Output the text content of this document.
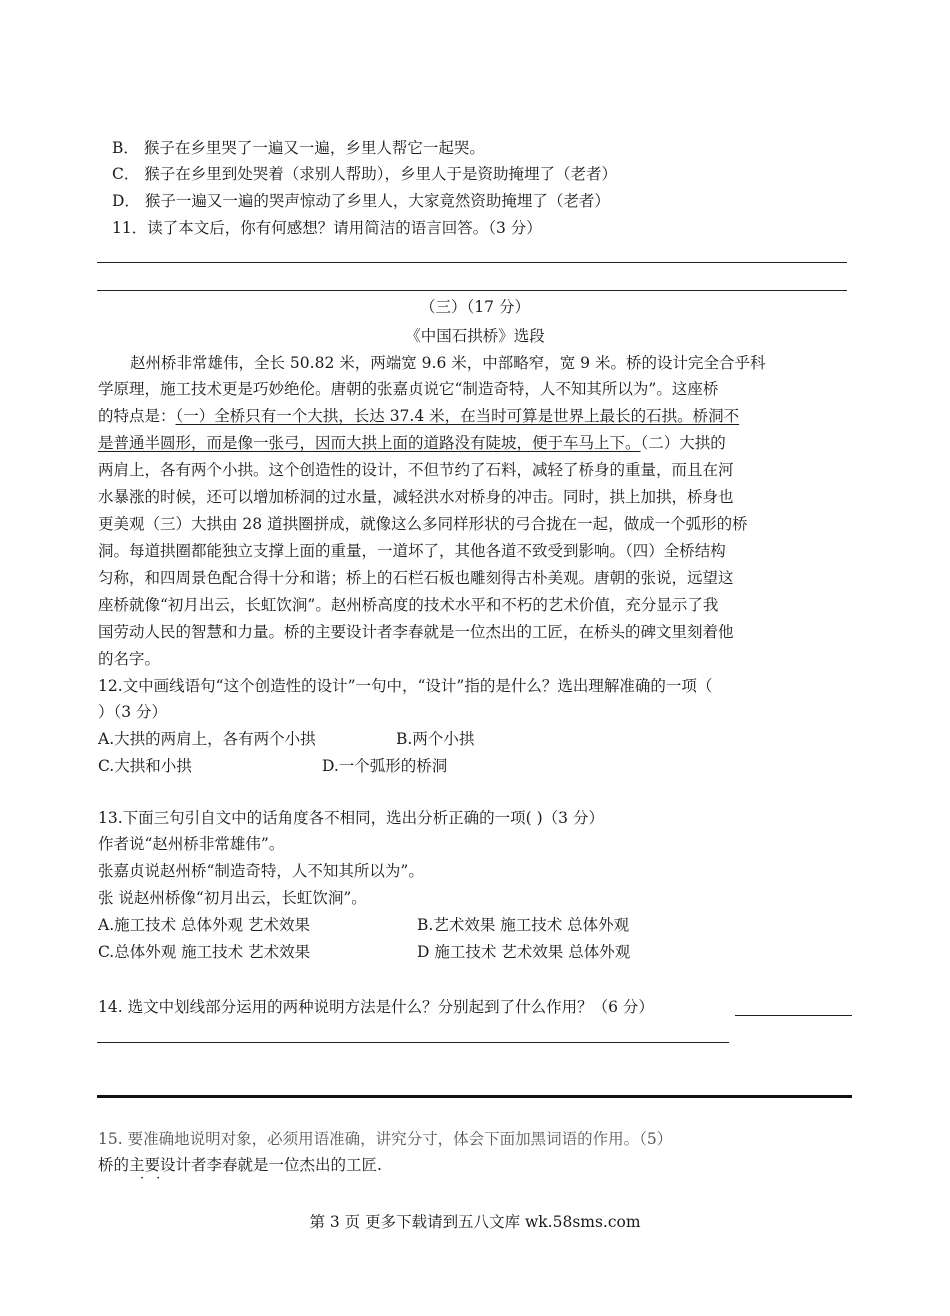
B． 猴子在乡里哭了一遍又一遍，乡里人帮它一起哭。
C． 猴子在乡里到处哭着（求别人帮助），乡里人于是资助掩埋了（老者）
D． 猴子一遍又一遍的哭声惊动了乡里人，大家竟然资助掩埋了（老者）
11．读了本文后，你有何感想？请用简洁的语言回答。（3 分）
（三）（17 分）
《中国石拱桥》选段
赵州桥非常雄伟，全长 50.82 米，两端宽 9.6 米，中部略窄，宽 9 米。桥的设计完全合乎科
学原理，施工技术更是巧妙绝伦。唐朝的张嘉贞说它“制造奇特，人不知其所以为”。这座桥
的特点是：（一）全桥只有一个大拱，长达 37.4 米，在当时可算是世界上最长的石拱。桥洞不
是普通半圆形，而是像一张弓，因而大拱上面的道路没有陡坡，便于车马上下。（二）大拱的
两肩上，各有两个小拱。这个创造性的设计，不但节约了石料，减轻了桥身的重量，而且在河
水暴涨的时候，还可以增加桥洞的过水量，减轻洪水对桥身的冲击。同时，拱上加拱，桥身也
更美观（三）大拱由 28 道拱圈拼成，就像这么多同样形状的弓合拢在一起，做成一个弧形的桥
洞。每道拱圈都能独立支撑上面的重量，一道坏了，其他各道不致受到影响。（四）全桥结构
匀称，和四周景色配合得十分和谐；桥上的石栏石板也雕刻得古朴美观。唐朝的张说，远望这
座桥就像“初月出云，长虹饮涧”。赵州桥高度的技术水平和不朽的艺术价值，充分显示了我
国劳动人民的智慧和力量。桥的主要设计者李春就是一位杰出的工匠，在桥头的碑文里刻着他
的名字。
12.文中画线语句“这个创造性的设计”一句中，“设计”指的是什么？选出理解准确的一项（
）（3 分）
A.大拱的两肩上，各有两个小拱	B.两个小拱
C.大拱和小拱	D.一个弧形的桥洞
13.下面三句引自文中的话角度各不相同，选出分析正确的一项( )（3 分）
作者说“赵州桥非常雄伟”。
张嘉贞说赵州桥“制造奇特，人不知其所以为”。
张 说赵州桥像“初月出云，长虹饮涧”。
A.施工技术 总体外观 艺术效果	B.艺术效果 施工技术 总体外观
C.总体外观 施工技术 艺术效果	D 施工技术 艺术效果 总体外观
14. 选文中划线部分运用的两种说明方法是什么？分别起到了什么作用？（6 分）
15. 要准确地说明对象，必须用语准确，讲究分寸，体会下面加黑词语的作用。（5）
桥的主要设计者李春就是一位杰出的工匠.
··
第 3 页 更多下载请到五八文库 wk.58sms.com
